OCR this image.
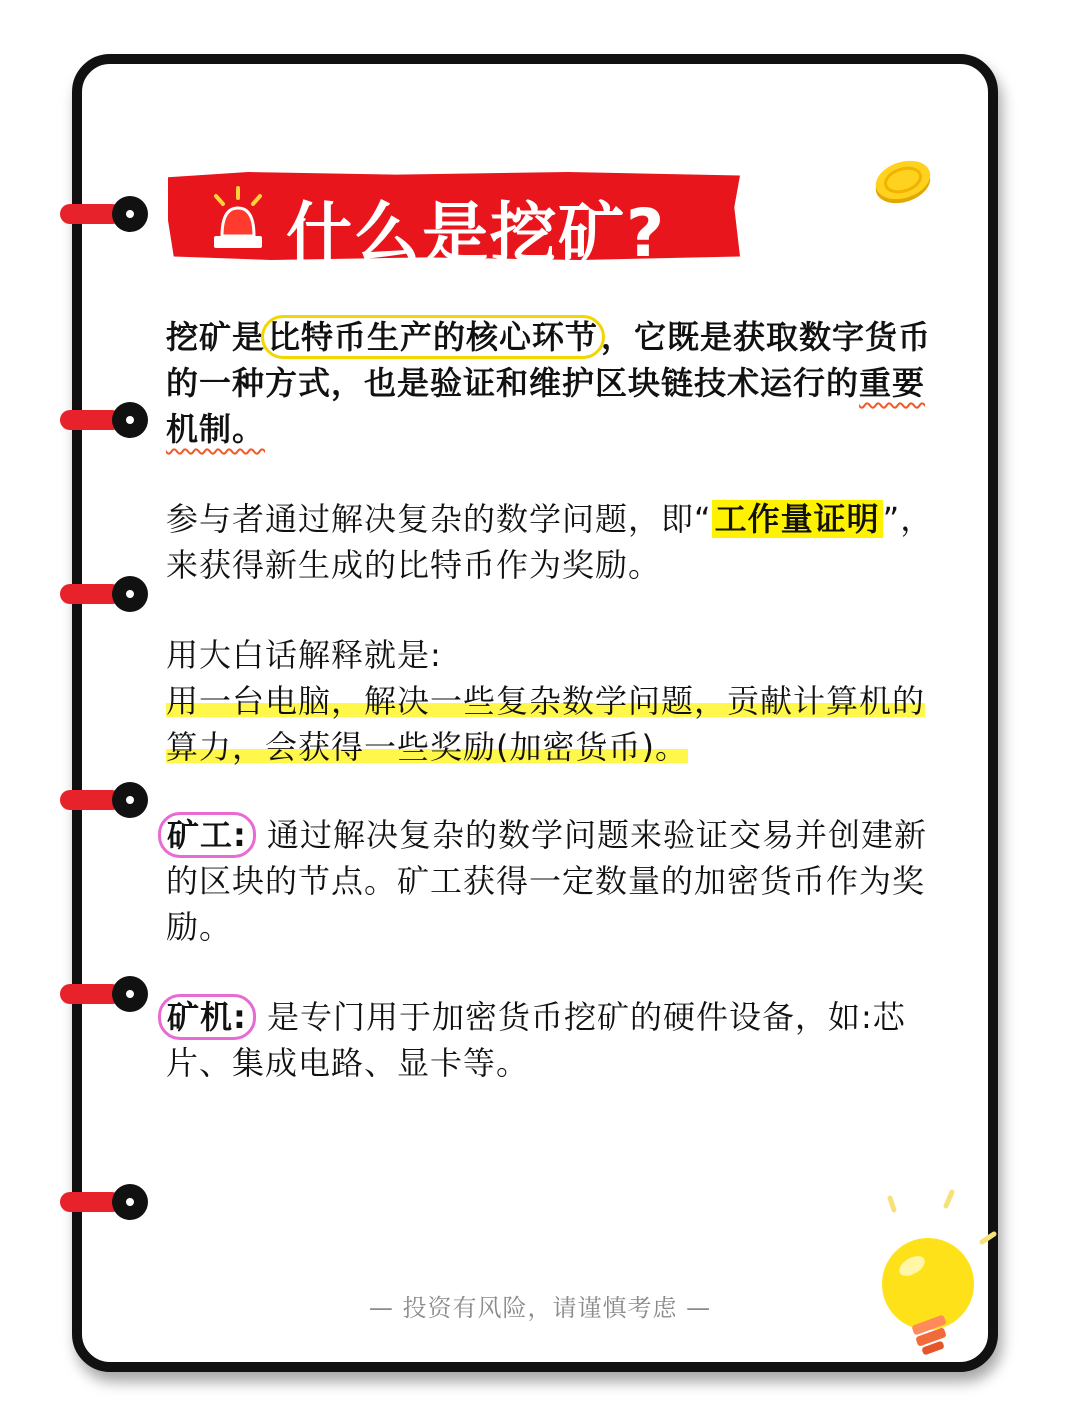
什么是挖矿?
挖矿是比特币生产的核心环节，它既是获取数字货币的一种方式，也是验证和维护区块链技术运行的重要机制。
参与者通过解决复杂的数学问题，即“工作量证明”，来获得新生成的比特币作为奖励。
用大白话解释就是:
用一台电脑，解决一些复杂数学问题，贡献计算机的算力，会获得一些奖励(加密货币)。
矿工: 通过解决复杂的数学问题来验证交易并创建新的区块的节点。矿工获得一定数量的加密货币作为奖励。
矿机: 是专门用于加密货币挖矿的硬件设备，如:芯片、集成电路、显卡等。
— 投资有风险，请谨慎考虑 —
